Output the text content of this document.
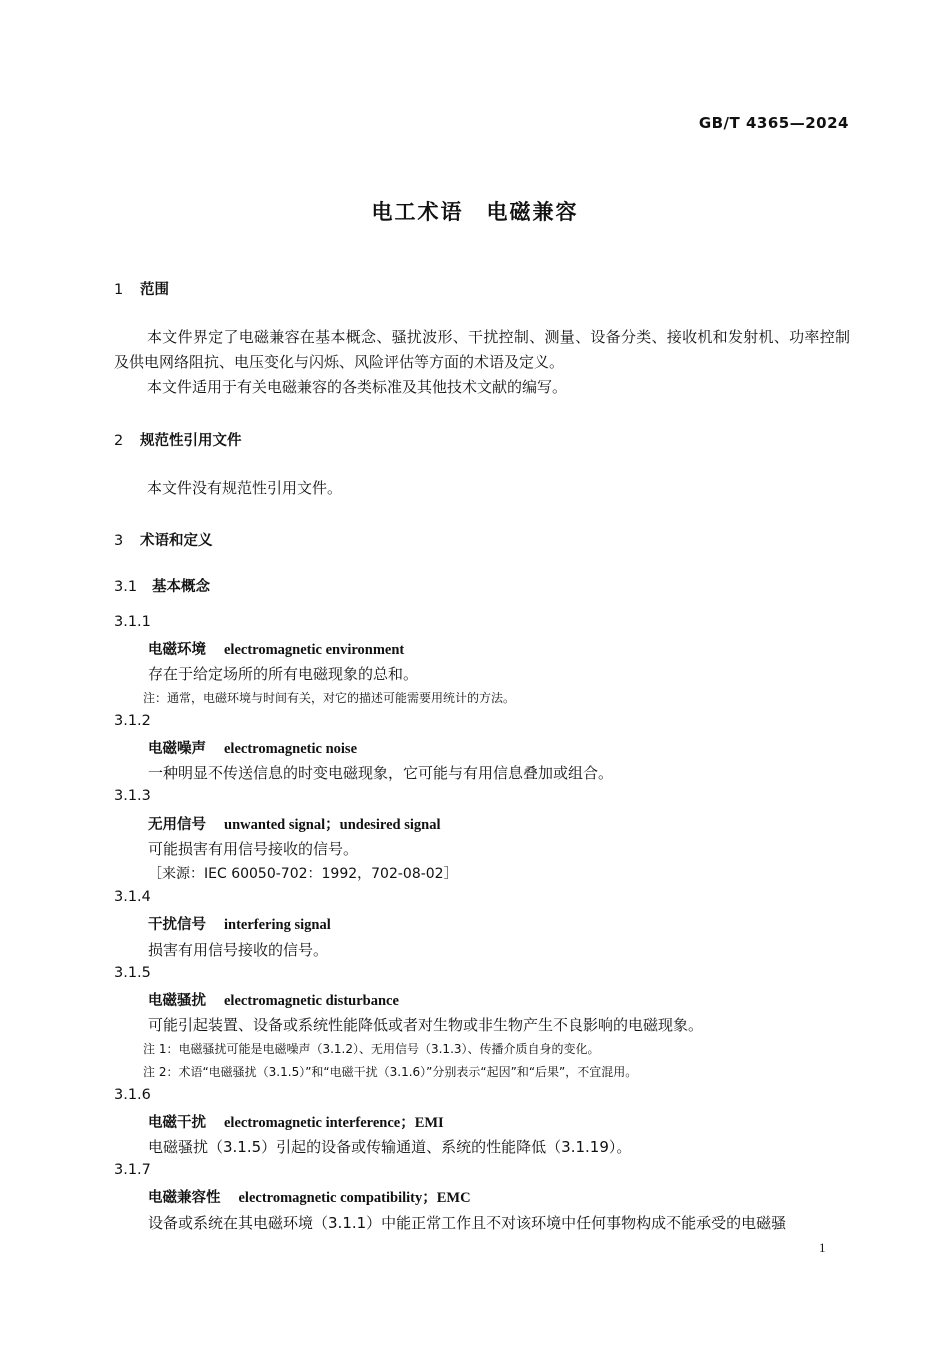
GB/T 4365—2024
电工术语　电磁兼容
1 范围

本文件界定了电磁兼容在基本概念、骚扰波形、干扰控制、测量、设备分类、接收机和发射机、功率控制及供电网络阻抗、电压变化与闪烁、风险评估等方面的术语及定义。

本文件适用于有关电磁兼容的各类标准及其他技术文献的编写。

2 规范性引用文件

本文件没有规范性引用文件。

3 术语和定义
3.1 基本概念
3.1.1
电磁环境 electromagnetic environment
存在于给定场所的所有电磁现象的总和。
注：通常，电磁环境与时间有关，对它的描述可能需要用统计的方法。
3.1.2
电磁噪声 electromagnetic noise
一种明显不传送信息的时变电磁现象，它可能与有用信息叠加或组合。
3.1.3
无用信号 unwanted signal；undesired signal
可能损害有用信号接收的信号。
［来源：IEC 60050-702：1992，702-08-02］
3.1.4
干扰信号 interfering signal
损害有用信号接收的信号。
3.1.5
电磁骚扰 electromagnetic disturbance
可能引起装置、设备或系统性能降低或者对生物或非生物产生不良影响的电磁现象。
注 1：电磁骚扰可能是电磁噪声（3.1.2）、无用信号（3.1.3）、传播介质自身的变化。
注 2：术语“电磁骚扰（3.1.5）”和“电磁干扰（3.1.6）”分别表示“起因”和“后果”，不宜混用。
3.1.6
电磁干扰 electromagnetic interference；EMI
电磁骚扰（3.1.5）引起的设备或传输通道、系统的性能降低（3.1.19）。
3.1.7
电磁兼容性 electromagnetic compatibility；EMC
设备或系统在其电磁环境（3.1.1）中能正常工作且不对该环境中任何事物构成不能承受的电磁骚
1
